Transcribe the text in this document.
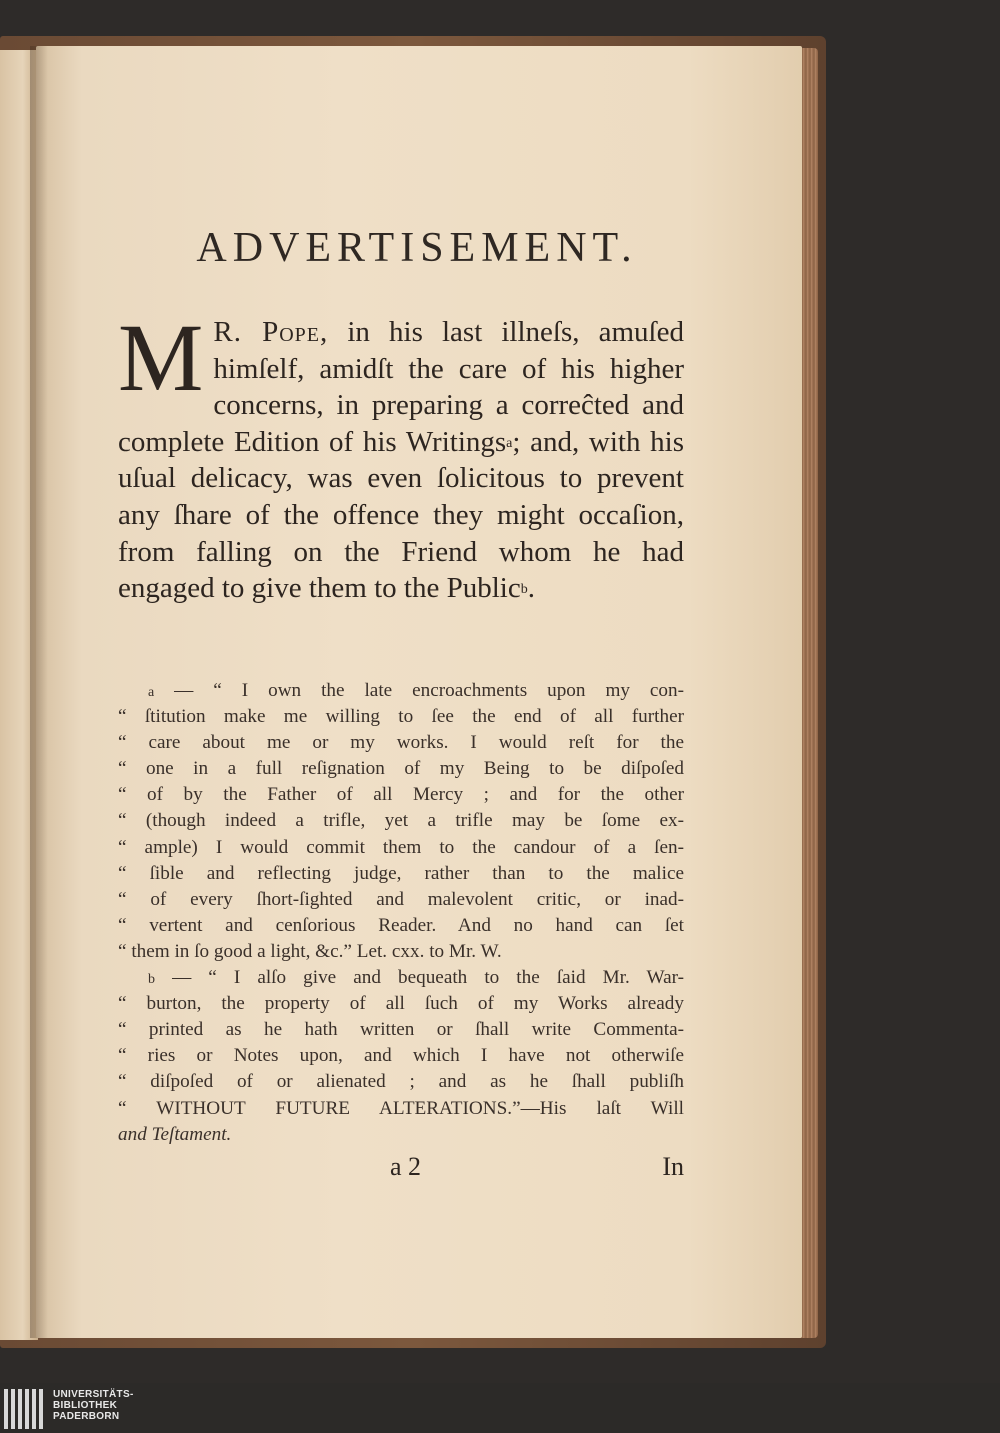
ADVERTISEMENT.
M R. Pope, in his last illneſs, amuſed himſelf, amidſt the care of his higher concerns, in preparing a correĉted and complete Edition of his Writings$^a$; and, with his uſual delicacy, was even ſolicitous to prevent any ſhare of the offence they might occaſion, from falling on the Friend whom he had engaged to give them to the Public$^b$.
$^a$ — “ I own the late encroachments upon my con-
“ ſtitution make me willing to ſee the end of all further
“ care about me or my works. I would reſt for the
“ one in a full reſignation of my Being to be diſpoſed
“ of by the Father of all Mercy ; and for the other
“ (though indeed a trifle, yet a trifle may be ſome ex-
“ ample) I would commit them to the candour of a ſen-
“ ſible and reflecting judge, rather than to the malice
“ of every ſhort-ſighted and malevolent critic, or inad-
“ vertent and cenſorious Reader. And no hand can ſet
“ them in ſo good a light, &c.” Let. cxx. to Mr. W.
$^b$ — “ I alſo give and bequeath to the ſaid Mr. War-
“ burton, the property of all ſuch of my Works already
“ printed as he hath written or ſhall write Commenta-
“ ries or Notes upon, and which I have not otherwiſe
“ diſpoſed of or alienated ; and as he ſhall publiſh
“ WITHOUT FUTURE ALTERATIONS.”—His laſt Will
and Teſtament.
a 2	In
UNIVERSITÄTS-
BIBLIOTHEK
PADERBORN
